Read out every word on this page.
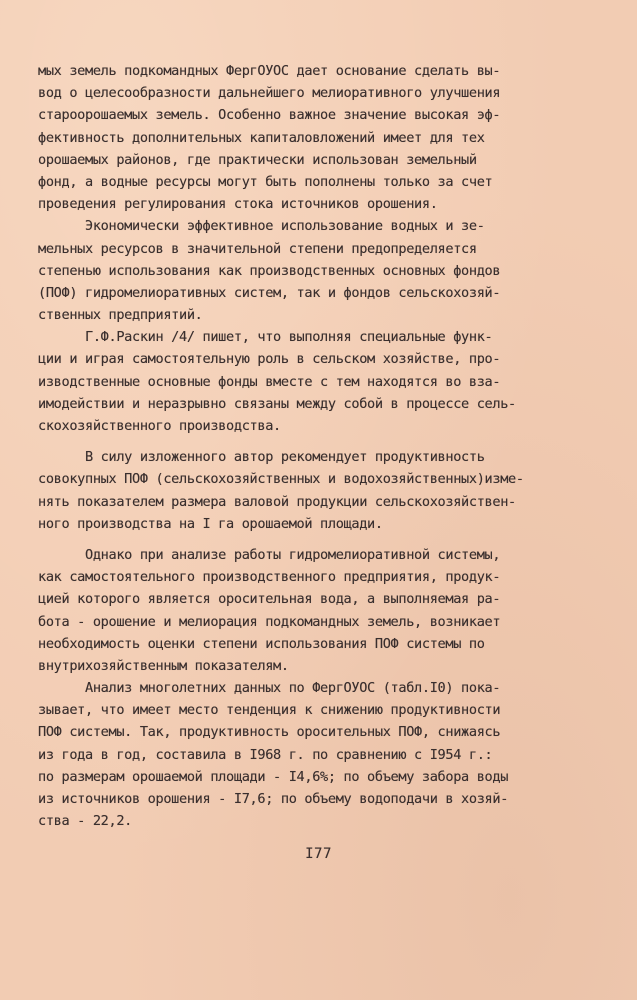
мых земель подкомандных ФергОУОС дает основание сделать вы-
вод о целесообразности дальнейшего мелиоративного улучшения
староорошаемых земель. Особенно важное значение высокая эф-
фективность дополнительных капиталовложений имеет для тех
орошаемых районов, где практически использован земельный
фонд, а водные ресурсы могут быть пополнены только за счет
проведения регулирования стока источников орошения.
Экономически эффективное использование водных и зе-
мельных ресурсов в значительной степени предопределяется
степенью использования как производственных основных фондов
(ПОФ) гидромелиоративных систем, так и фондов сельскохозяй-
ственных предприятий.
Г.Ф.Раскин /4/ пишет, что выполняя специальные функ-
ции и играя самостоятельную роль в сельском хозяйстве, про-
изводственные основные фонды вместе с тем находятся во вза-
имодействии и неразрывно связаны между собой в процессе сель-
скохозяйственного производства.
В силу изложенного автор рекомендует продуктивность
совокупных ПОФ (сельскохозяйственных и водохозяйственных)изме-
нять показателем размера валовой продукции сельскохозяйствен-
ного производства на I га орошаемой площади.
Однако при анализе работы гидромелиоративной системы,
как самостоятельного производственного предприятия, продук-
цией которого является оросительная вода, а выполняемая ра-
бота - орошение и мелиорация подкомандных земель, возникает
необходимость оценки степени использования ПОФ системы по
внутрихозяйственным показателям.
Анализ многолетних данных по ФергОУОС (табл.I0) пока-
зывает, что имеет место тенденция к снижению продуктивности
ПОФ системы. Так, продуктивность оросительных ПОФ, снижаясь
из года в год, составила в I968 г. по сравнению с I954 г.:
по размерам орошаемой площади - I4,6%; по объему забора воды
из источников орошения - I7,6; по объему водоподачи в хозяй-
ства - 22,2.
I77
